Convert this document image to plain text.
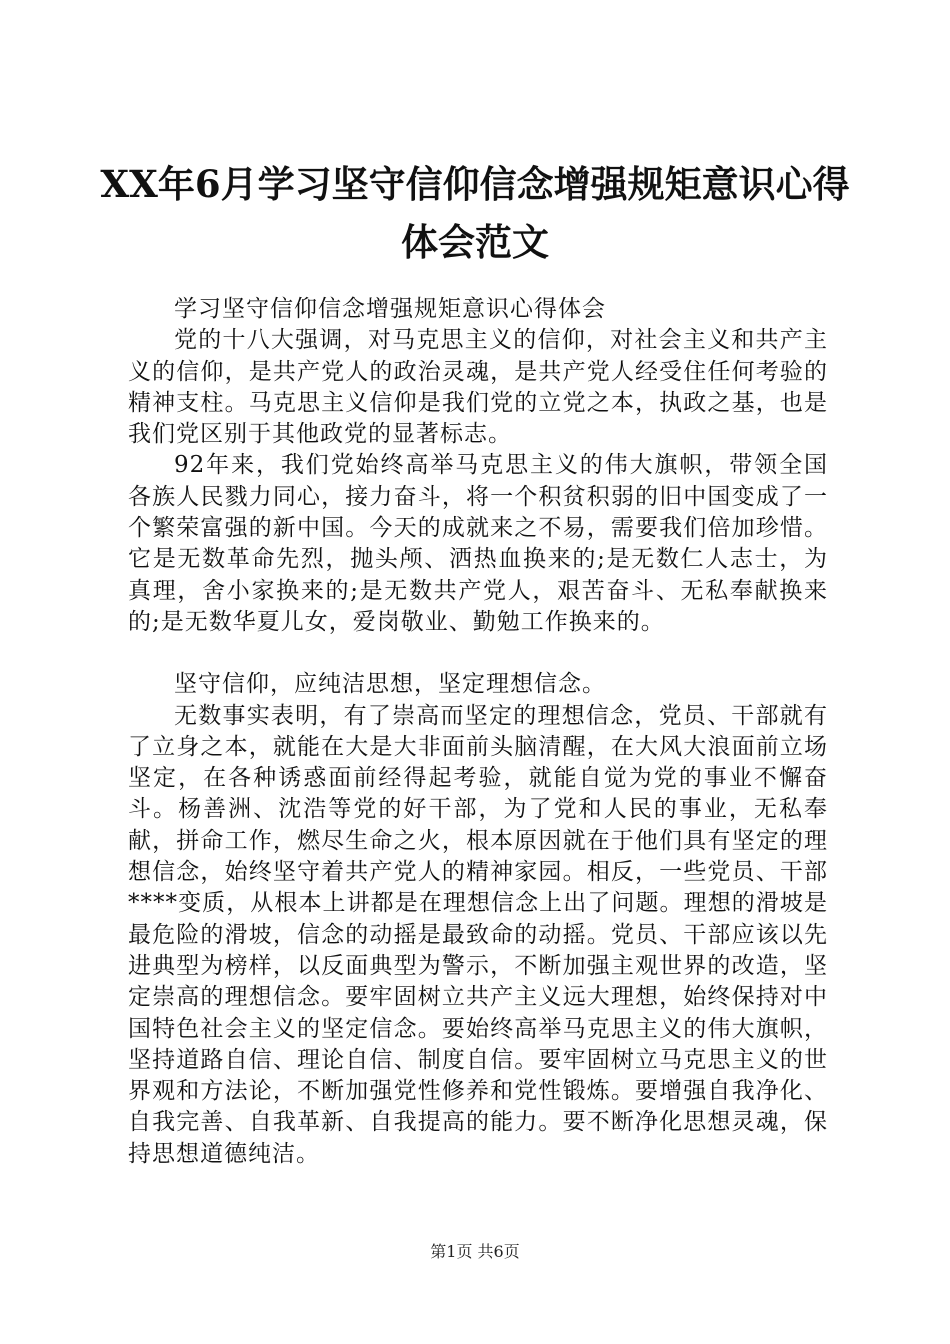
XX年6月学习坚守信仰信念增强规矩意识心得
体会范文

学习坚守信仰信念增强规矩意识心得体会

党的十八大强调，对马克思主义的信仰，对社会主义和共产主义的信仰，是共产党人的政治灵魂，是共产党人经受住任何考验的精神支柱。马克思主义信仰是我们党的立党之本，执政之基，也是我们党区别于其他政党的显著标志。

92年来，我们党始终高举马克思主义的伟大旗帜，带领全国各族人民戮力同心，接力奋斗，将一个积贫积弱的旧中国变成了一个繁荣富强的新中国。今天的成就来之不易，需要我们倍加珍惜。它是无数革命先烈，抛头颅、洒热血换来的;是无数仁人志士，为真理，舍小家换来的;是无数共产党人，艰苦奋斗、无私奉献换来的;是无数华夏儿女，爱岗敬业、勤勉工作换来的。

坚守信仰，应纯洁思想，坚定理想信念。

无数事实表明，有了崇高而坚定的理想信念，党员、干部就有了立身之本，就能在大是大非面前头脑清醒，在大风大浪面前立场坚定，在各种诱惑面前经得起考验，就能自觉为党的事业不懈奋斗。杨善洲、沈浩等党的好干部，为了党和人民的事业，无私奉献，拼命工作，燃尽生命之火，根本原因就在于他们具有坚定的理想信念，始终坚守着共产党人的精神家园。相反，一些党员、干部****变质，从根本上讲都是在理想信念上出了问题。理想的滑坡是最危险的滑坡，信念的动摇是最致命的动摇。党员、干部应该以先进典型为榜样，以反面典型为警示，不断加强主观世界的改造，坚定崇高的理想信念。要牢固树立共产主义远大理想，始终保持对中国特色社会主义的坚定信念。要始终高举马克思主义的伟大旗帜，坚持道路自信、理论自信、制度自信。要牢固树立马克思主义的世界观和方法论，不断加强党性修养和党性锻炼。要增强自我净化、自我完善、自我革新、自我提高的能力。要不断净化思想灵魂，保持思想道德纯洁。

第1页 共6页
